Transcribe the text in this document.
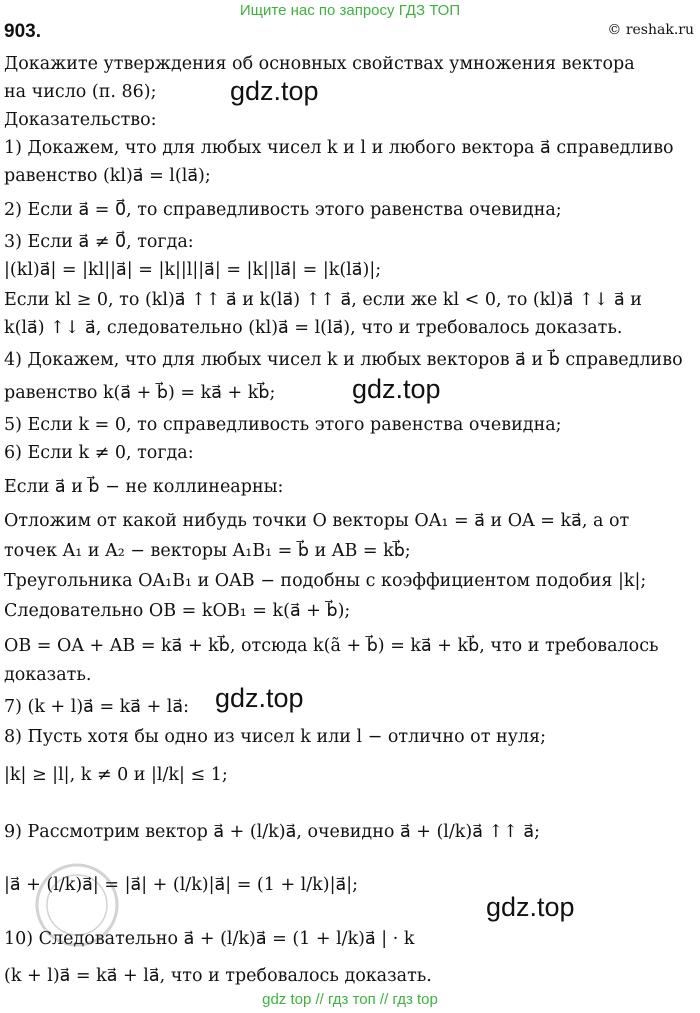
Ищите нас по запросу ГДЗ ТОП
903.	© reshak.ru
Докажите утверждения об основных свойствах умножения вектора
на число (п. 86);
Доказательство:
1) Докажем, что для любых чисел k и l и любого вектора a⃗ справедливо
равенство (kl)a⃗ = l(la⃗);
2) Если a⃗ = 0⃗, то справедливость этого равенства очевидна;
3) Если a⃗ ≠ 0⃗, тогда:
|(kl)a⃗| = |kl||a⃗| = |k||l||a⃗| = |k||la⃗| = |k(la⃗)|;
Если kl ≥ 0, то (kl)a⃗ ↑↑ a⃗ и k(la⃗) ↑↑ a⃗, если же kl < 0, то (kl)a⃗ ↑↓ a⃗ и
k(la⃗) ↑↓ a⃗, следовательно (kl)a⃗ = l(la⃗), что и требовалось доказать.
4) Докажем, что для любых чисел k и любых векторов a⃗ и b⃗ справедливо
равенство k(a⃗ + b⃗) = ka⃗ + kb⃗;
5) Если k = 0, то справедливость этого равенства очевидна;
6) Если k ≠ 0, тогда:
Если a⃗ и b⃗ − не коллинеарны:
Отложим от какой нибудь точки O векторы OA₁ = a⃗ и OA = ka⃗, а от
точек A₁ и A₂ − векторы A₁B₁ = b⃗ и AB = kb⃗;
Треугольника OA₁B₁ и OAB − подобны с коэффициентом подобия |k|;
Следовательно OB = kOB₁ = k(a⃗ + b⃗);
OB = OA + AB = ka⃗ + kb⃗, отсюда k(ã + b⃗) = ka⃗ + kb⃗, что и требовалось
доказать.
7) (k + l)a⃗ = ka⃗ + la⃗:
8) Пусть хотя бы одно из чисел k или l − отлично от нуля;
|k| ≥ |l|, k ≠ 0 и |l/k| ≤ 1;
9) Рассмотрим вектор a⃗ + (l/k)a⃗, очевидно a⃗ + (l/k)a⃗ ↑↑ a⃗;
|a⃗ + (l/k)a⃗| = |a⃗| + (l/k)|a⃗| = (1 + l/k)|a⃗|;
10) Следовательно a⃗ + (l/k)a⃗ = (1 + l/k)a⃗ | · k
(k + l)a⃗ = ka⃗ + la⃗, что и требовалось доказать.
gdz.top
gdz.top
gdz.top
gdz.top
gdz top // гдз топ // гдз top
